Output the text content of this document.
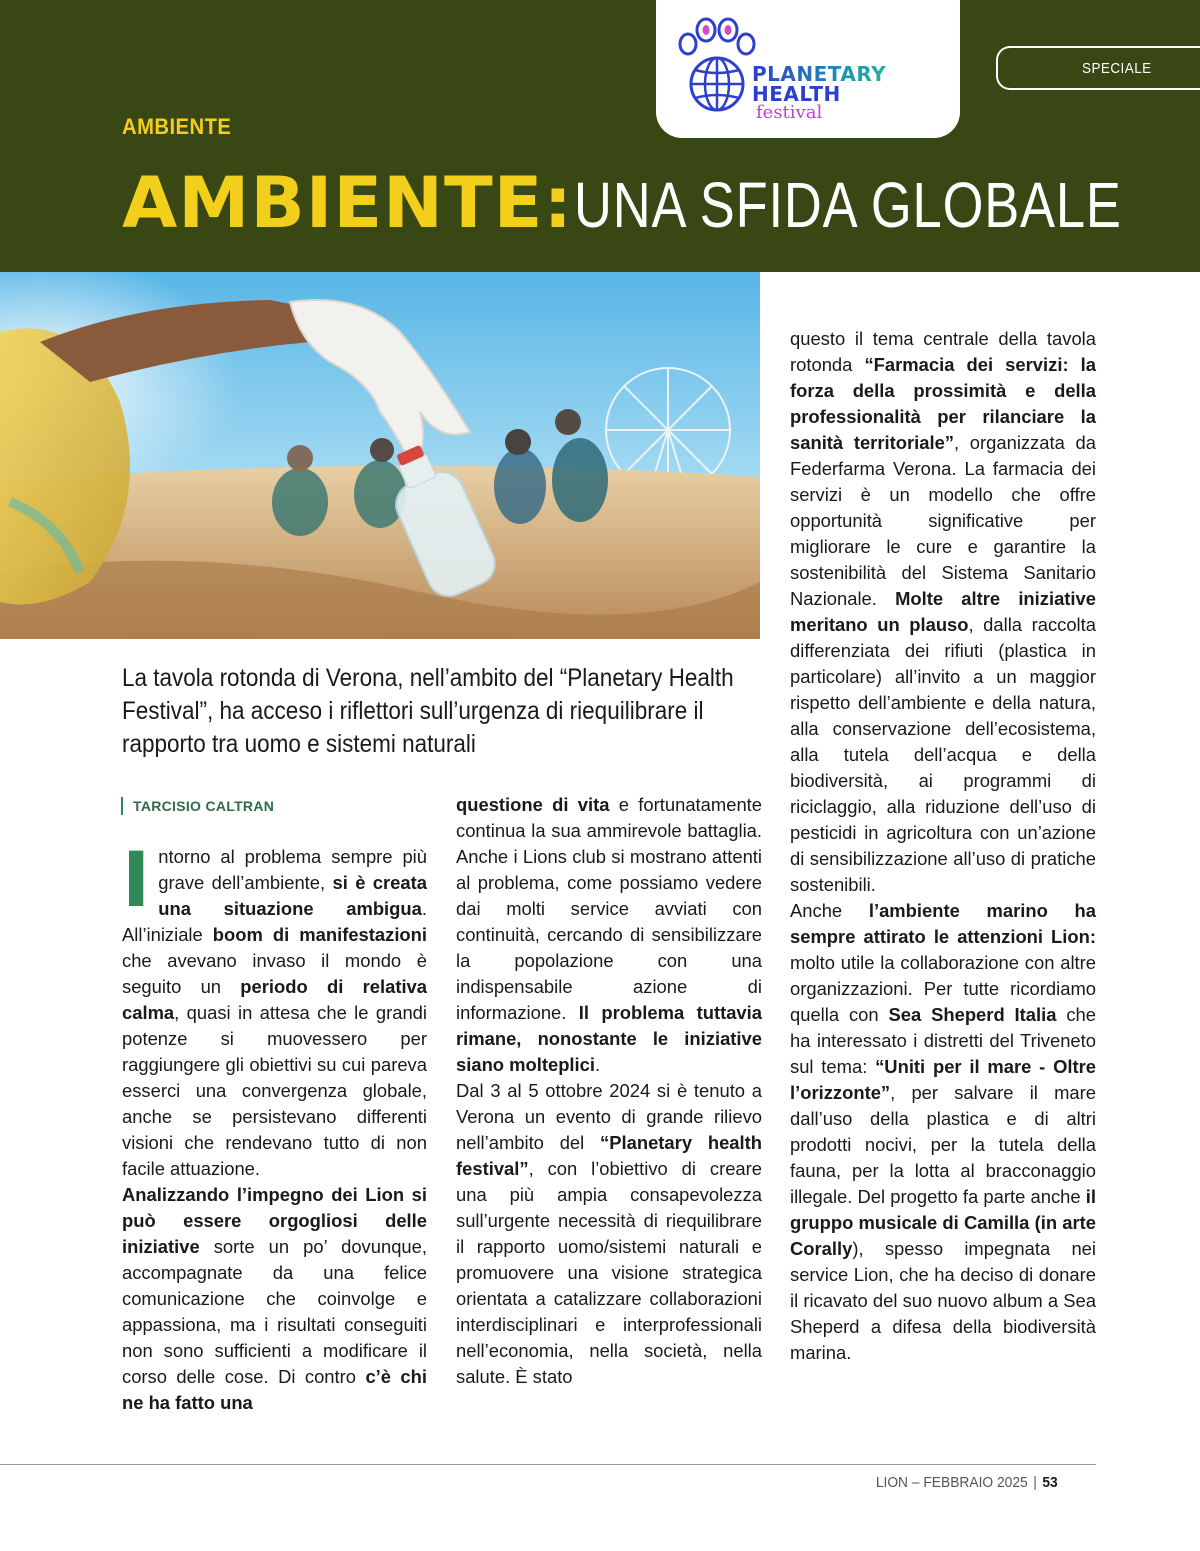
PLANETARY
HEALTH
festival
SPECIALE
AMBIENTE
AMBIENTE:UNA SFIDA GLOBALE

La tavola rotonda di Verona, nell’ambito del “Planetary Health Festival”, ha acceso i riflettori sull’urgenza di riequilibrare il rapporto tra uomo e sistemi naturali

TARCISIO CALTRAN
I ntorno al problema sempre più grave dell’ambiente, si è creata una situazione ambigua. All’iniziale boom di manifestazioni che avevano invaso il mondo è seguito un periodo di relativa calma, quasi in attesa che le grandi potenze si muovessero per raggiungere gli obiettivi su cui pareva esserci una convergenza globale, anche se persistevano differenti visioni che rendevano tutto di non facile attuazione.
Analizzando l’impegno dei Lion si può essere orgogliosi delle iniziative sorte un po’ dovunque, accompagnate da una felice comunicazione che coinvolge e appassiona, ma i risultati conseguiti non sono sufficienti a modificare il corso delle cose. Di contro c’è chi ne ha fatto una

questione di vita e fortunatamente continua la sua ammirevole battaglia. Anche i Lions club si mostrano attenti al problema, come possiamo vedere dai molti service avviati con continuità, cercando di sensibilizzare la popolazione con una indispensabile azione di informazione. Il problema tuttavia rimane, nonostante le iniziative siano molteplici.
Dal 3 al 5 ottobre 2024 si è tenuto a Verona un evento di grande rilievo nell’ambito del “Planetary health festival”, con l’obiettivo di creare una più ampia consapevolezza sull’urgente necessità di riequilibrare il rapporto uomo/sistemi naturali e promuovere una visione strategica orientata a catalizzare collaborazioni interdisciplinari e interprofessionali nell’economia, nella società, nella salute. È stato

questo il tema centrale della tavola rotonda “Farmacia dei servizi: la forza della prossimità e della professionalità per rilanciare la sanità territoriale”, organizzata da Federfarma Verona. La farmacia dei servizi è un modello che offre opportunità significative per migliorare le cure e garantire la sostenibilità del Sistema Sanitario Nazionale. Molte altre iniziative meritano un plauso, dalla raccolta differenziata dei rifiuti (plastica in particolare) all’invito a un maggior rispetto dell’ambiente e della natura, alla conservazione dell’ecosistema, alla tutela dell’acqua e della biodiversità, ai programmi di riciclaggio, alla riduzione dell’uso di pesticidi in agricoltura con un’azione di sensibilizzazione all’uso di pratiche sostenibili.
Anche l’ambiente marino ha sempre attirato le attenzioni Lion: molto utile la collaborazione con altre organizzazioni. Per tutte ricordiamo quella con Sea Sheperd Italia che ha interessato i distretti del Triveneto sul tema: “Uniti per il mare - Oltre l’orizzonte”, per salvare il mare dall’uso della plastica e di altri prodotti nocivi, per la tutela della fauna, per la lotta al bracconaggio illegale. Del progetto fa parte anche il gruppo musicale di Camilla (in arte Corally), spesso impegnata nei service Lion, che ha deciso di donare il ricavato del suo nuovo album a Sea Sheperd a difesa della biodiversità marina.

LION – FEBBRAIO 2025 | 53
